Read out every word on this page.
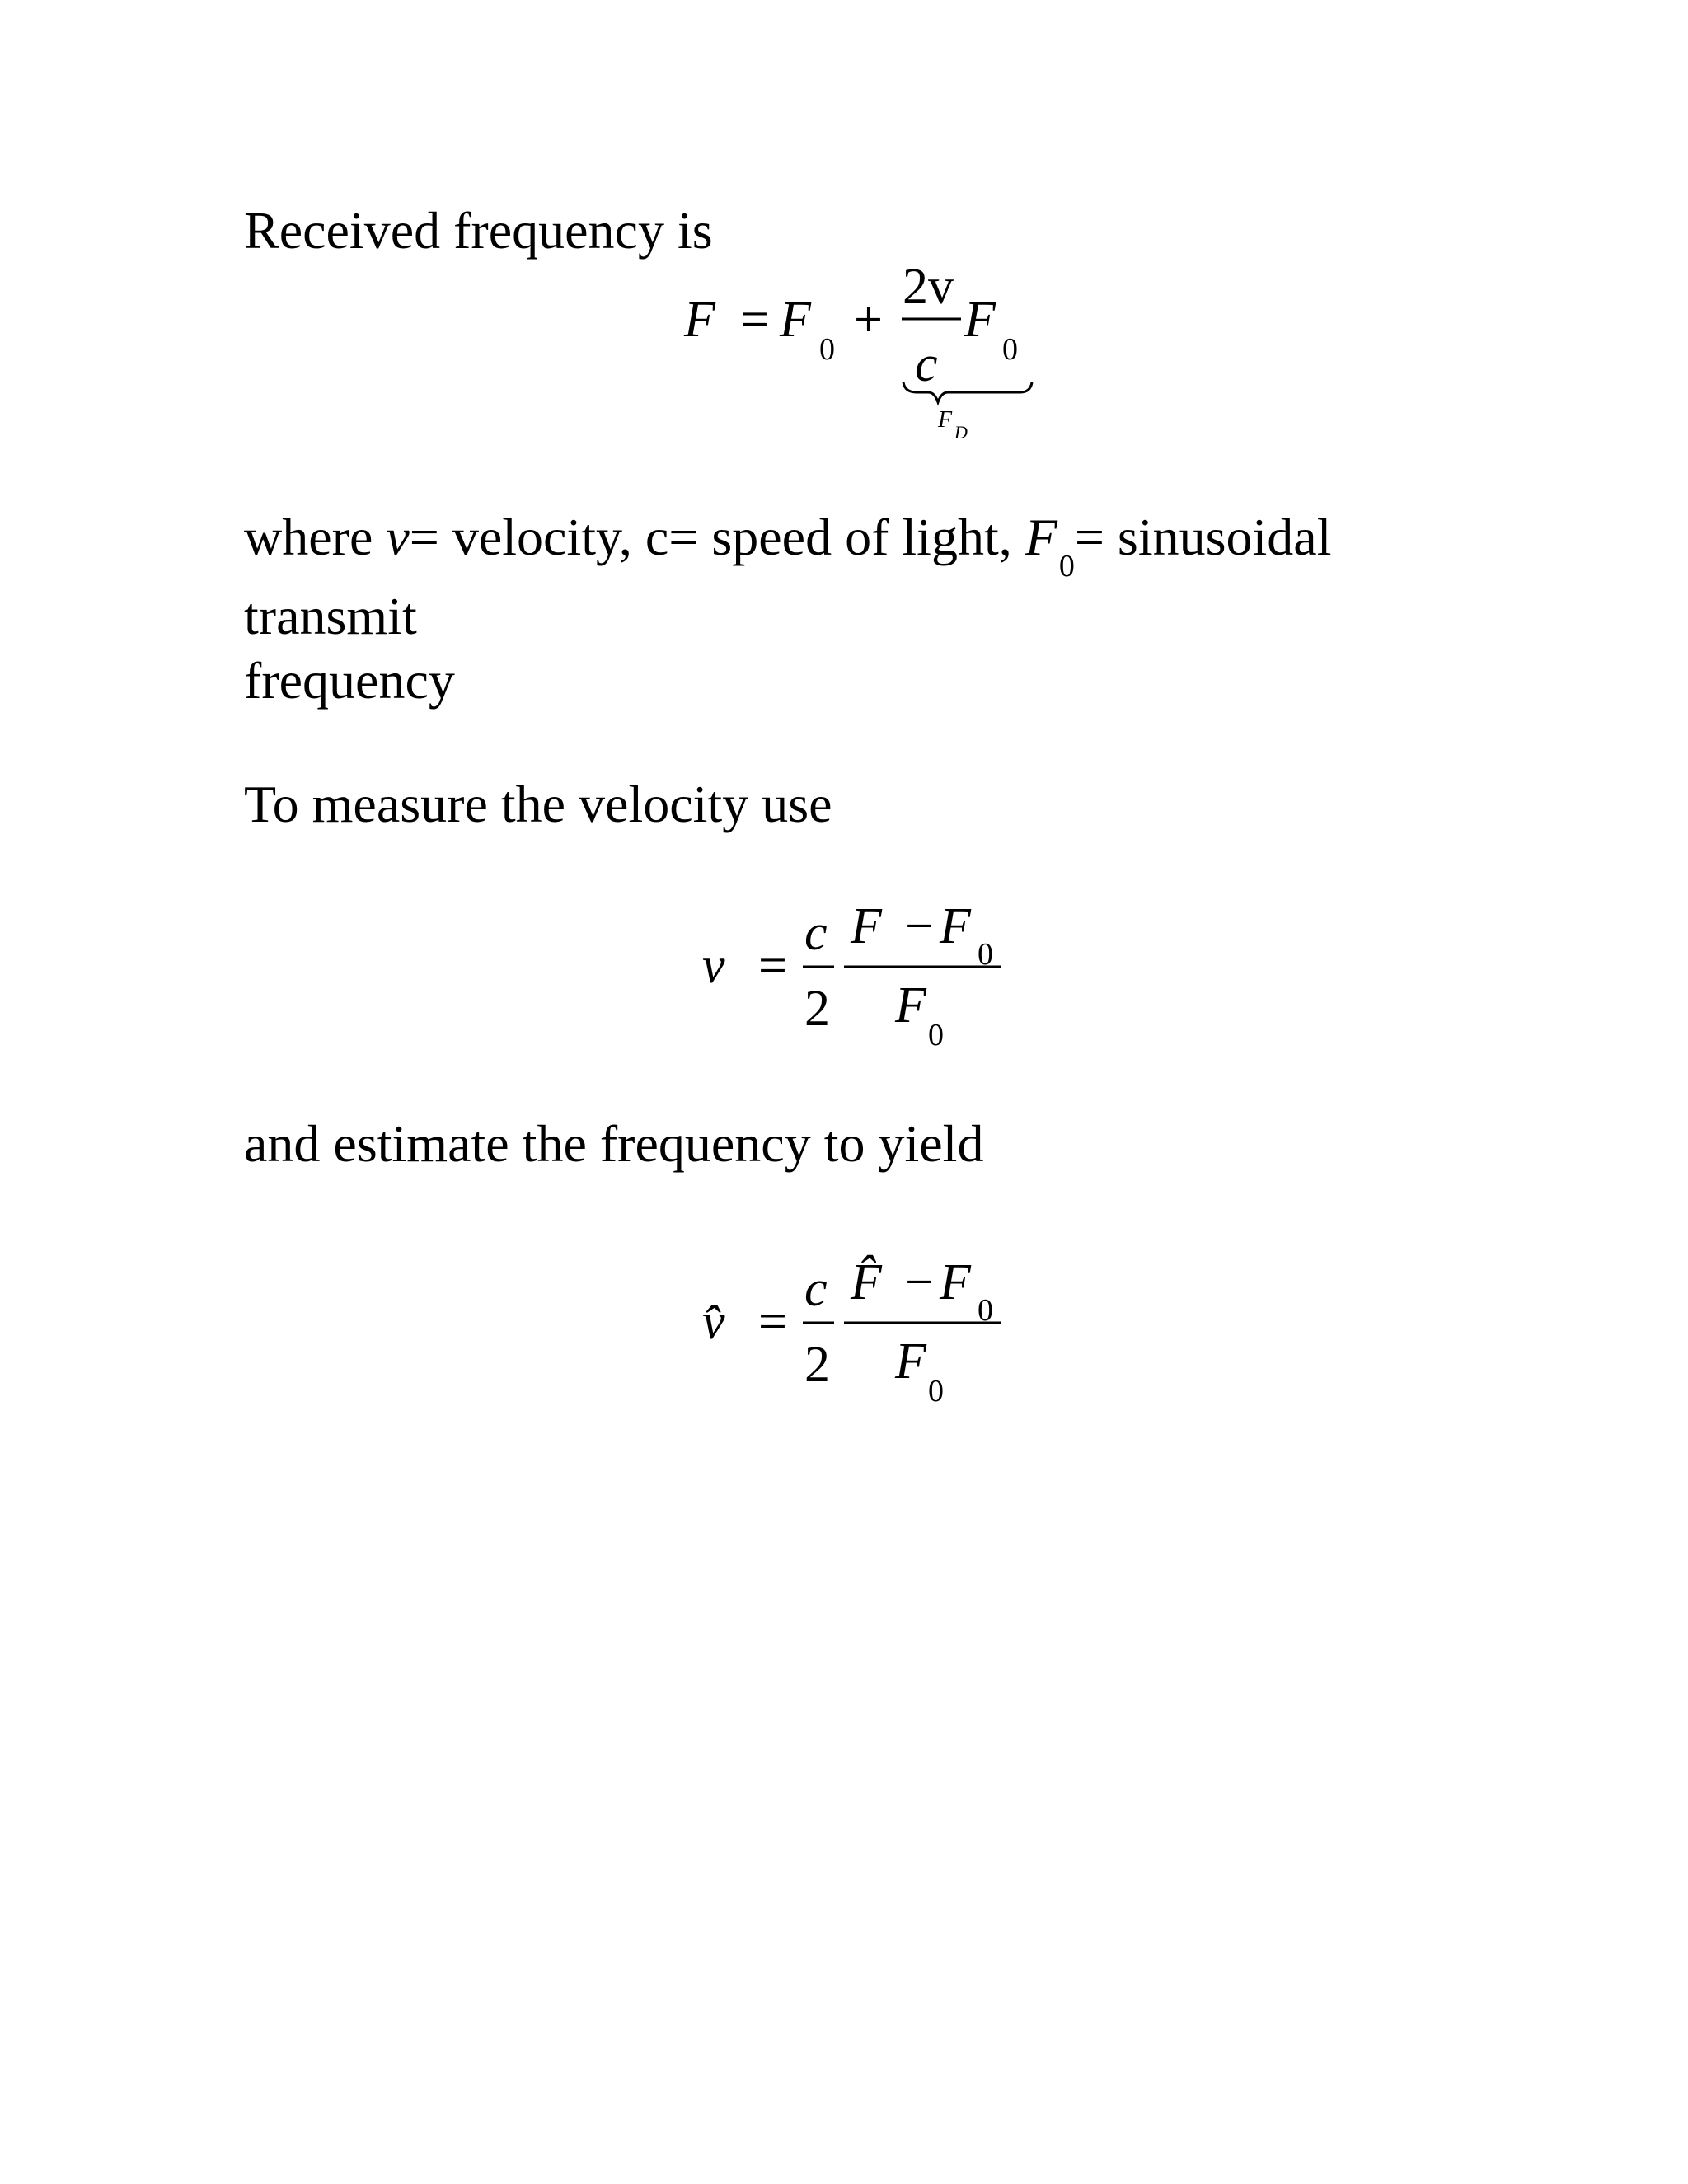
Received frequency is
F = F
0
+
2v
c
F
0
F D
where v= velocity, c= speed of light, $F_0=$ sinusoidal
transmit
frequency
To measure the velocity use
v =
c
2
F − F 0
F
0
and estimate the frequency to yield
v̂ =
c
2
F̂ − F 0
F
0
